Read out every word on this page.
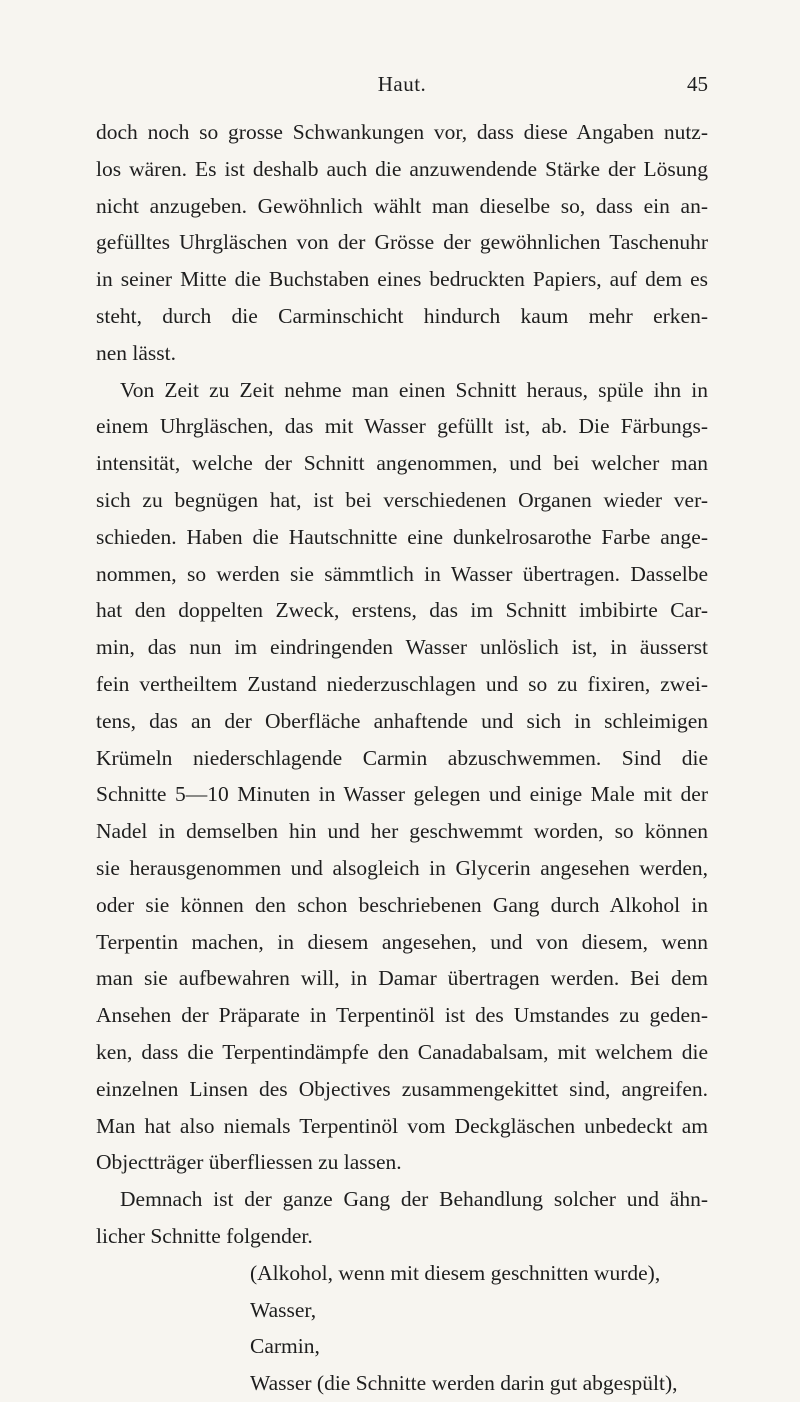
Haut.	45
doch noch so grosse Schwankungen vor, dass diese Angaben nutz-
los wären. Es ist deshalb auch die anzuwendende Stärke der Lösung
nicht anzugeben. Gewöhnlich wählt man dieselbe so, dass ein an-
gefülltes Uhrgläschen von der Grösse der gewöhnlichen Taschenuhr
in seiner Mitte die Buchstaben eines bedruckten Papiers, auf dem es
steht, durch die Carminschicht hindurch kaum mehr erken-
nen lässt.
Von Zeit zu Zeit nehme man einen Schnitt heraus, spüle ihn in
einem Uhrgläschen, das mit Wasser gefüllt ist, ab. Die Färbungs-
intensität, welche der Schnitt angenommen, und bei welcher man
sich zu begnügen hat, ist bei verschiedenen Organen wieder ver-
schieden. Haben die Hautschnitte eine dunkelrosarothe Farbe ange-
nommen, so werden sie sämmtlich in Wasser übertragen. Dasselbe
hat den doppelten Zweck, erstens, das im Schnitt imbibirte Car-
min, das nun im eindringenden Wasser unlöslich ist, in äusserst
fein vertheiltem Zustand niederzuschlagen und so zu fixiren, zwei-
tens, das an der Oberfläche anhaftende und sich in schleimigen
Krümeln niederschlagende Carmin abzuschwemmen. Sind die
Schnitte 5—10 Minuten in Wasser gelegen und einige Male mit der
Nadel in demselben hin und her geschwemmt worden, so können
sie herausgenommen und alsogleich in Glycerin angesehen werden,
oder sie können den schon beschriebenen Gang durch Alkohol in
Terpentin machen, in diesem angesehen, und von diesem, wenn
man sie aufbewahren will, in Damar übertragen werden. Bei dem
Ansehen der Präparate in Terpentinöl ist des Umstandes zu geden-
ken, dass die Terpentindämpfe den Canadabalsam, mit welchem die
einzelnen Linsen des Objectives zusammengekittet sind, angreifen.
Man hat also niemals Terpentinöl vom Deckgläschen unbedeckt am
Objectträger überfliessen zu lassen.
Demnach ist der ganze Gang der Behandlung solcher und ähn-
licher Schnitte folgender.
(Alkohol, wenn mit diesem geschnitten wurde),
Wasser,
Carmin,
Wasser (die Schnitte werden darin gut abgespült),
